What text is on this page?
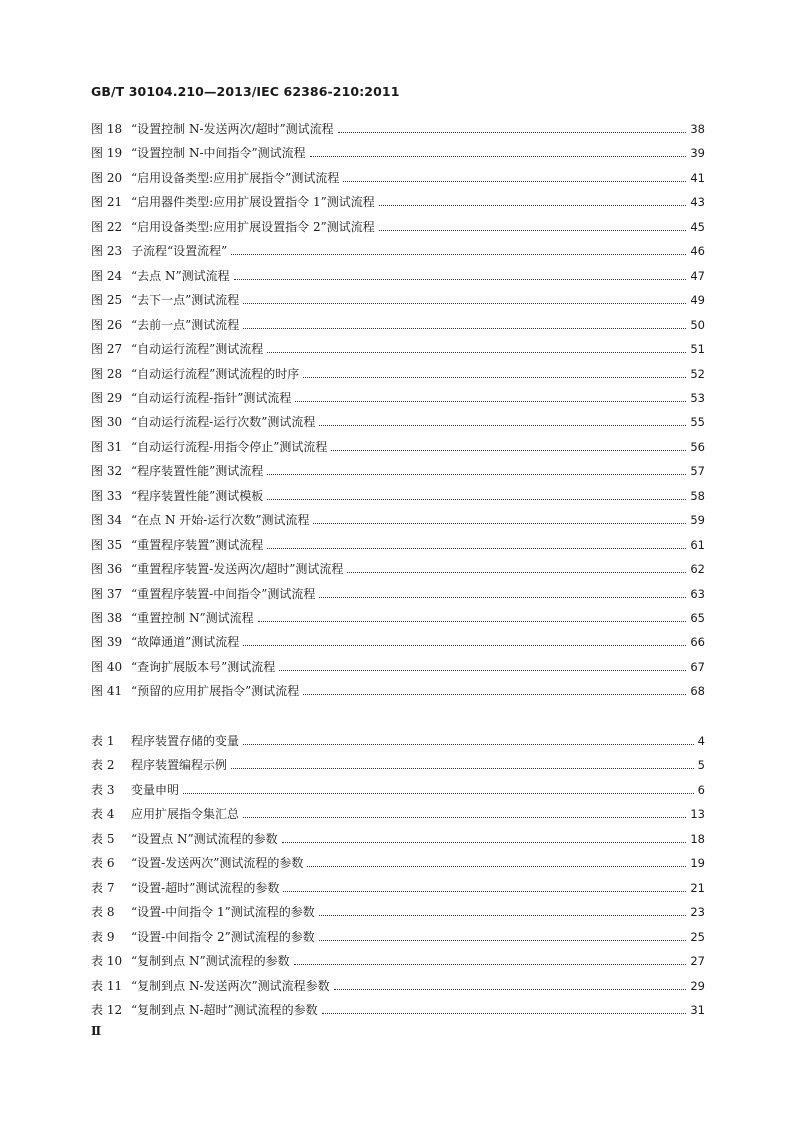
GB/T 30104.210—2013/IEC 62386-210:2011
图 18 “设置控制 N-发送两次/超时”测试流程	38
图 19 “设置控制 N-中间指令”测试流程	39
图 20 “启用设备类型:应用扩展指令”测试流程	41
图 21 “启用器件类型:应用扩展设置指令 1”测试流程	43
图 22 “启用设备类型:应用扩展设置指令 2”测试流程	45
图 23 子流程“设置流程”	46
图 24 “去点 N”测试流程	47
图 25 “去下一点”测试流程	49
图 26 “去前一点”测试流程	50
图 27 “自动运行流程”测试流程	51
图 28 “自动运行流程”测试流程的时序	52
图 29 “自动运行流程-指针”测试流程	53
图 30 “自动运行流程-运行次数”测试流程	55
图 31 “自动运行流程-用指令停止”测试流程	56
图 32 “程序装置性能”测试流程	57
图 33 “程序装置性能”测试模板	58
图 34 “在点 N 开始-运行次数”测试流程	59
图 35 “重置程序装置”测试流程	61
图 36 “重置程序装置-发送两次/超时”测试流程	62
图 37 “重置程序装置-中间指令”测试流程	63
图 38 “重置控制 N”测试流程	65
图 39 “故障通道”测试流程	66
图 40 “查询扩展版本号”测试流程	67
图 41 “预留的应用扩展指令”测试流程	68
表 1	程序装置存储的变量	4
表 2	程序装置编程示例	5
表 3	变量申明	6
表 4	应用扩展指令集汇总	13
表 5	“设置点 N”测试流程的参数	18
表 6	“设置-发送两次”测试流程的参数	19
表 7	“设置-超时”测试流程的参数	21
表 8	“设置-中间指令 1”测试流程的参数	23
表 9	“设置-中间指令 2”测试流程的参数	25
表 10 “复制到点 N”测试流程的参数	27
表 11 “复制到点 N-发送两次”测试流程参数	29
表 12 “复制到点 N-超时”测试流程的参数	31
Ⅱ
